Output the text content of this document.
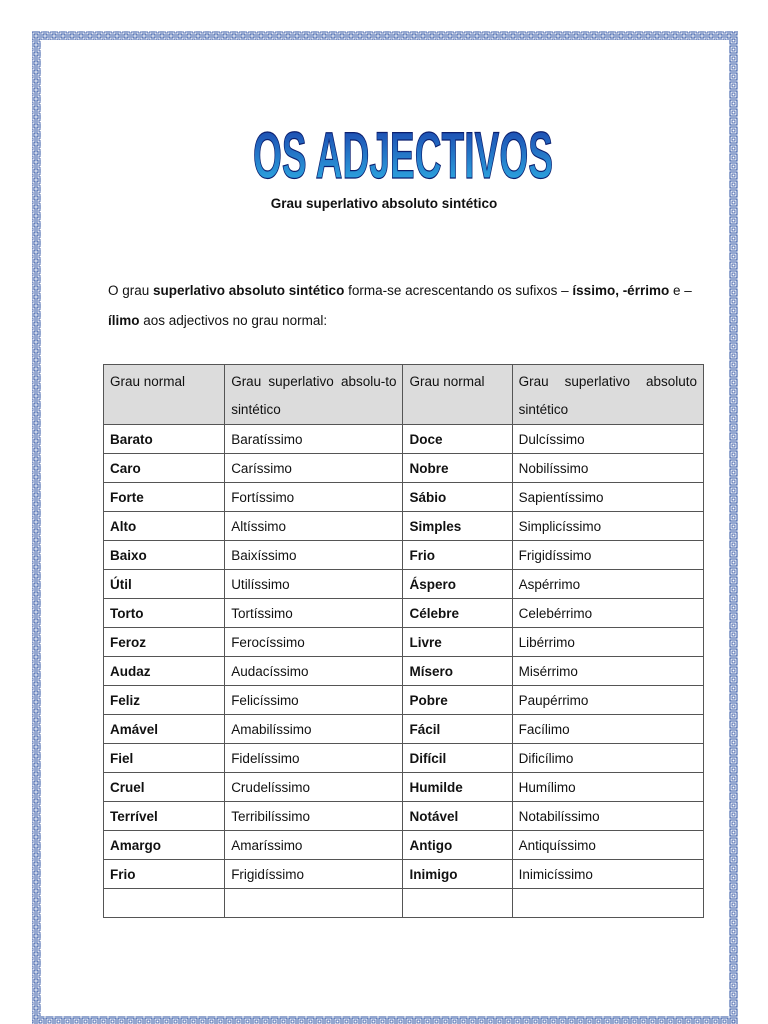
OS ADJECTIVOS
Grau superlativo absoluto sintético

O grau superlativo absoluto sintético forma-se acrescentando os sufixos – íssimo, -érrimo e –ílimo aos adjectivos no grau normal:

Grau normal	Grau superlativo absolu-to sintético	Grau normal	Grau superlativo absoluto sintético
Barato	Baratíssimo	Doce	Dulcíssimo
Caro	Caríssimo	Nobre	Nobilíssimo
Forte	Fortíssimo	Sábio	Sapientíssimo
Alto	Altíssimo	Simples	Simplicíssimo
Baixo	Baixíssimo	Frio	Frigidíssimo
Útil	Utilíssimo	Áspero	Aspérrimo
Torto	Tortíssimo	Célebre	Celebérrimo
Feroz	Ferocíssimo	Livre	Libérrimo
Audaz	Audacíssimo	Mísero	Misérrimo
Feliz	Felicíssimo	Pobre	Paupérrimo
Amável	Amabilíssimo	Fácil	Facílimo
Fiel	Fidelíssimo	Difícil	Dificílimo
Cruel	Crudelíssimo	Humilde	Humílimo
Terrível	Terribilíssimo	Notável	Notabilíssimo
Amargo	Amaríssimo	Antigo	Antiquíssimo
Frio	Frigidíssimo	Inimigo	Inimicíssimo
